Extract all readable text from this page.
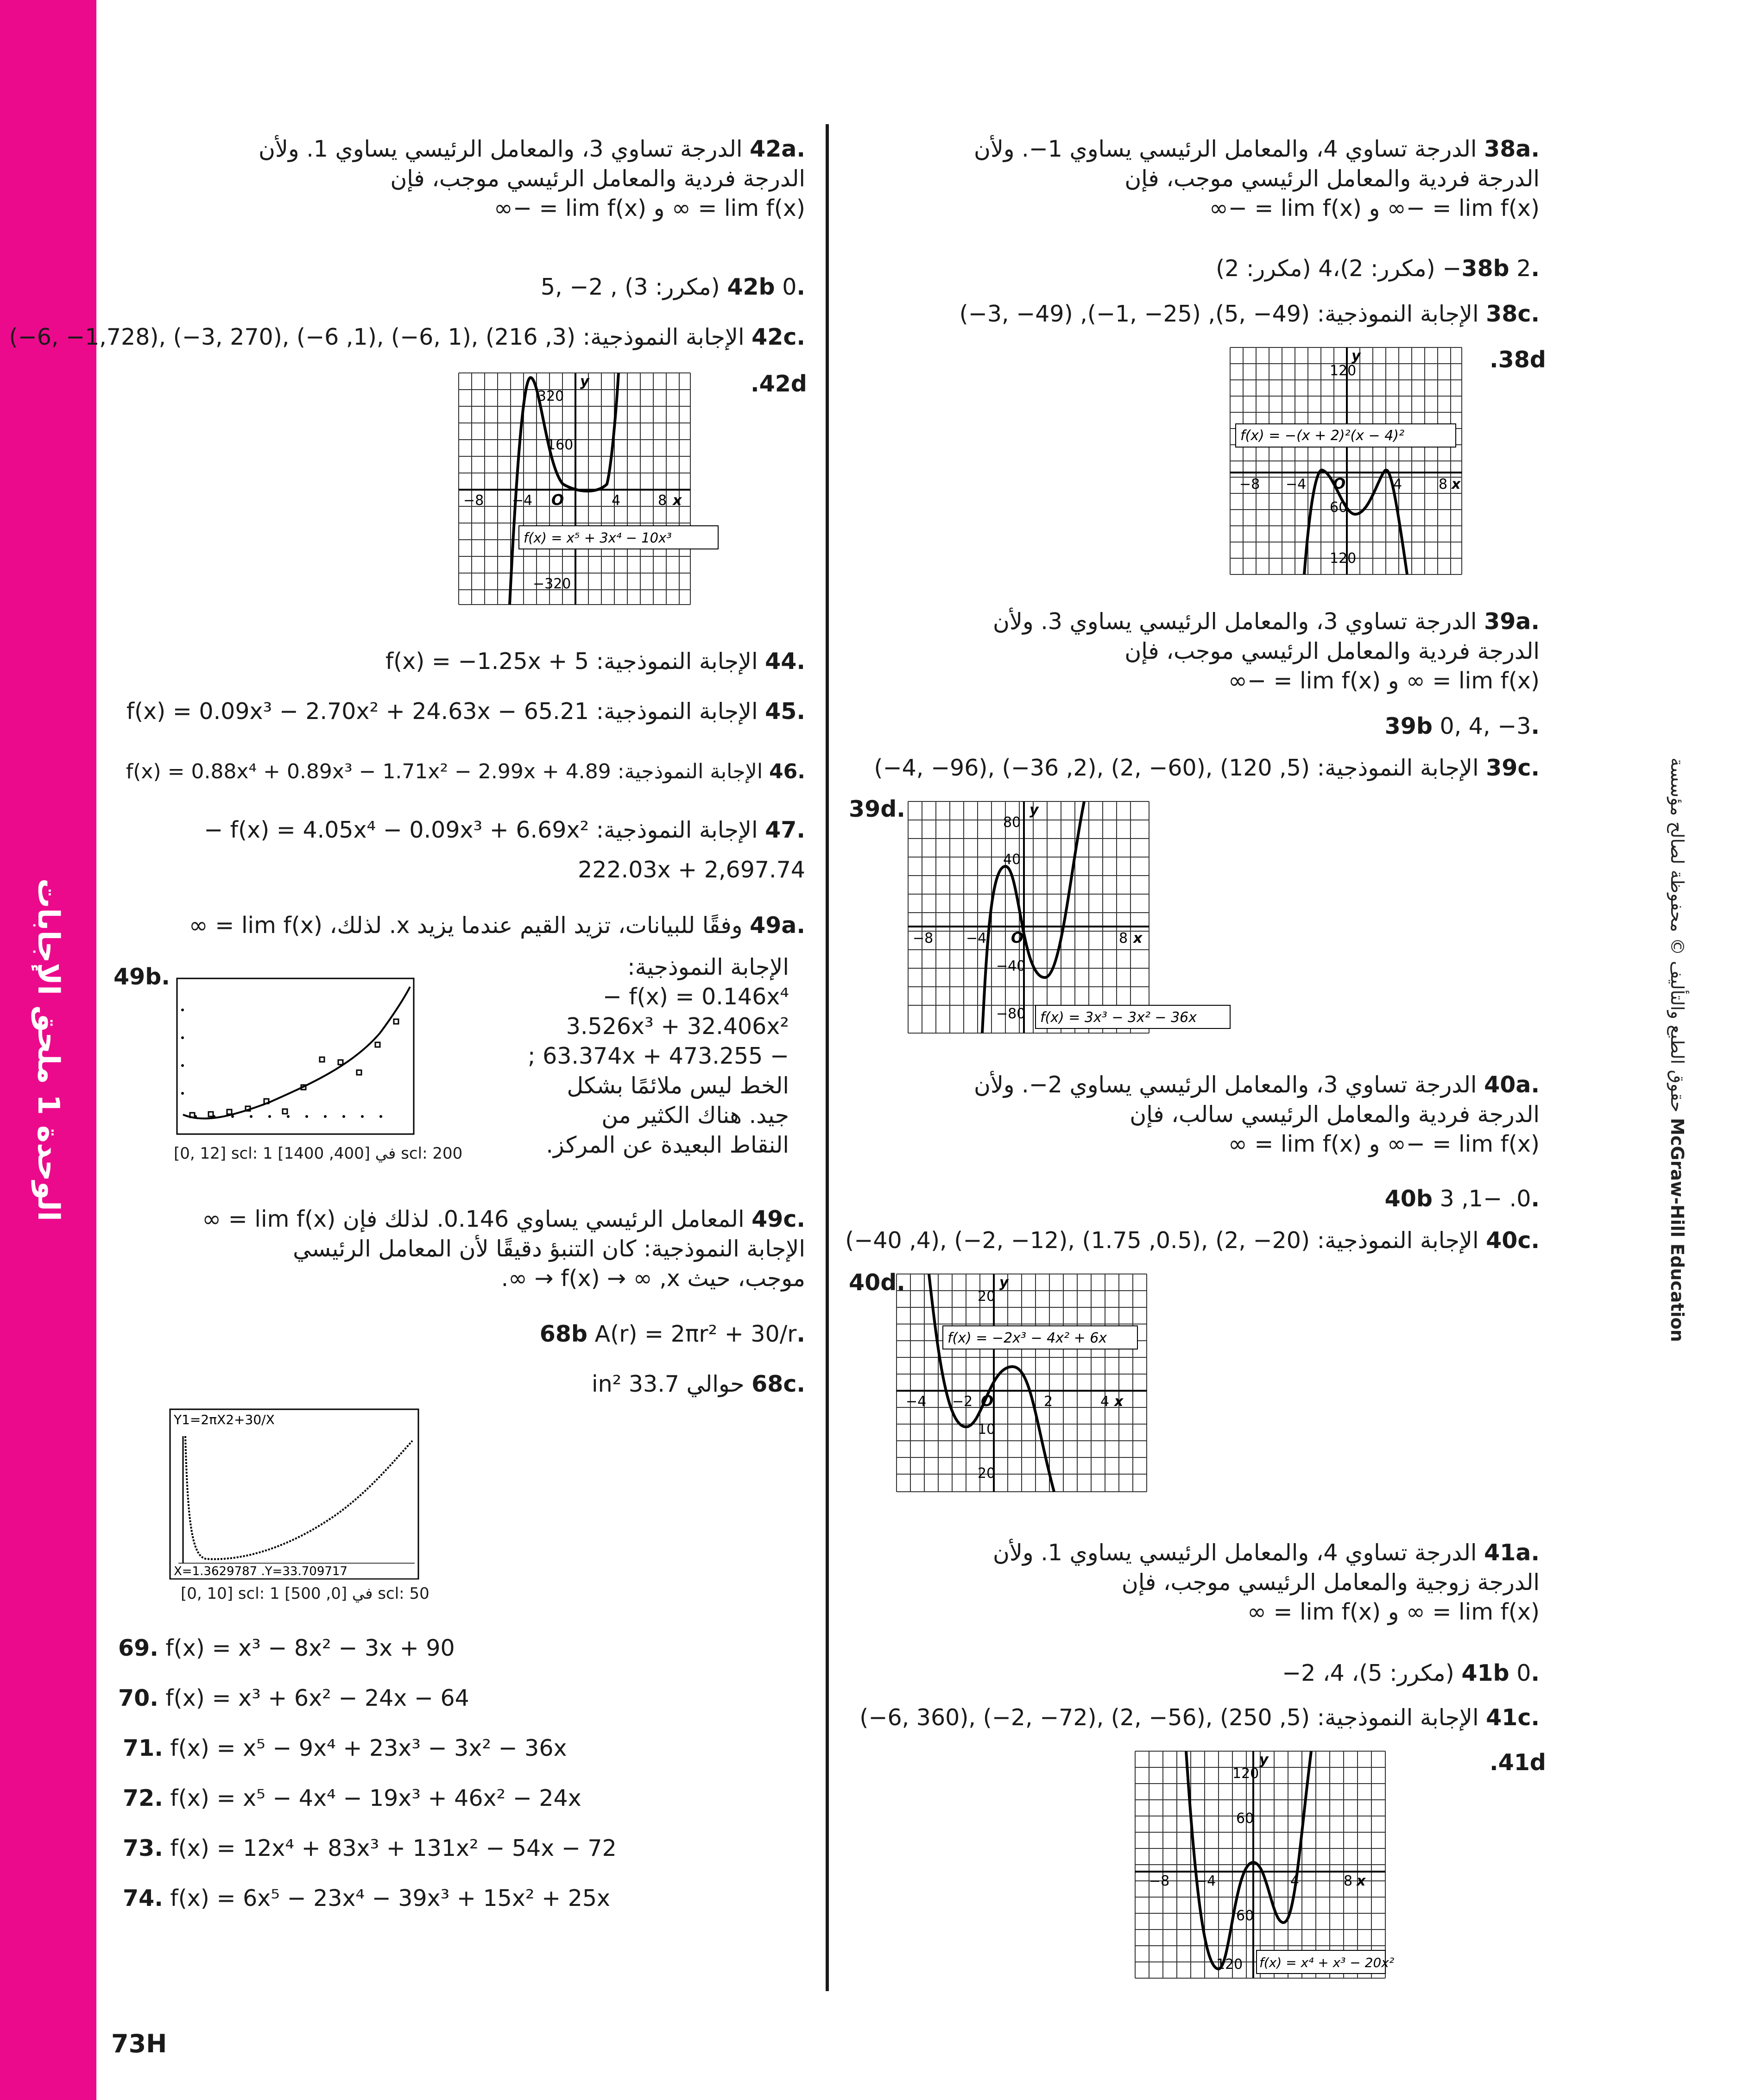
الوحدة 1 ملحق الإجابات
حقوق الطبع والتأليف © محفوظة لصالح مؤسسة McGraw-Hill Education
73H
.38a الدرجة تساوي 4، والمعامل الرئيسي يساوي 1−. ولأن
الدرجة فردية والمعامل الرئيسي موجب، فإن
lim f(x) = −∞ و lim f(x) = −∞
.38b 2− (مكرر: 2)،4 (مكرر: 2)
.38c الإجابة النموذجية: (49− ,5), (25− ,1−), (49− ,3−)
.38d
120
60
120
−8 −4	4	8 x
y
O
f(x) = −(x + 2)²(x − 4)²
.39a الدرجة تساوي 3، والمعامل الرئيسي يساوي 3. ولأن
الدرجة فردية والمعامل الرئيسي موجب، فإن
lim f(x) = ∞ و lim f(x) = −∞
.39b 0, 4, −3
.39c الإجابة النموذجية: (5, 120) ,(60− ,2) ,(2, 36−) ,(96− ,4−)
39d.
80
40
−40
−80
−8 −4	8 x
y
O
f(x) = 3x³ − 3x² − 36x
.40a الدرجة تساوي 3، والمعامل الرئيسي يساوي 2−. ولأن
الدرجة فردية والمعامل الرئيسي سالب، فإن
lim f(x) = −∞ و lim f(x) = ∞
.40b 3 ,1− .0
.40c الإجابة النموذجية: (20− ,2) ,(0.5, 1.75) ,(12− ,2−) ,(4, 40−)
40d.
20
10
20
−4 −2	2	4 x
y
O
f(x) = −2x³ − 4x² + 6x
.41a الدرجة تساوي 4، والمعامل الرئيسي يساوي 1. ولأن
الدرجة زوجية والمعامل الرئيسي موجب، فإن
lim f(x) = ∞ و lim f(x) = ∞
.41b 0 (مكرر: 5)، 4، 2−
.41c الإجابة النموذجية: (5, 250) ,(56− ,2) ,(72− ,2−) ,(360 ,6−)
.41d
120
60
60
120
−8 −4	4	8 x
y
f(x) = x⁴ + x³ − 20x²
.42a الدرجة تساوي 3، والمعامل الرئيسي يساوي 1. ولأن
الدرجة فردية والمعامل الرئيسي موجب، فإن
lim f(x) = ∞ و lim f(x) = −∞
.42b 0 (مكرر: 3) , 2− ,5
.42c الإجابة النموذجية: (3, 216) ,(1 ,6−) ,(1, 6−) ,(270 ,3−) ,(1,728− ,6−)
.42d
320
160
−320
−8 −4	4	8 x
y
O
f(x) = x⁵ + 3x⁴ − 10x³
.44 الإجابة النموذجية: f(x) = −1.25x + 5
.45 الإجابة النموذجية: f(x) = 0.09x³ − 2.70x² + 24.63x − 65.21
.46 الإجابة النموذجية: f(x) = 0.88x⁴ + 0.89x³ − 1.71x² − 2.99x + 4.89
.47 الإجابة النموذجية: f(x) = 4.05x⁴ − 0.09x³ + 6.69x² −
222.03x + 2,697.74
.49a وفقًا للبيانات، تزيد القيم عندما يزيد x. لذلك، lim f(x) = ∞
49b.	الإجابة النموذجية:
f(x) = 0.146x⁴ −
3.526x³ + 32.406x²
− 63.374x + 473.255 ;
الخط ليس ملائمًا بشكل
جيد. هناك الكثير من
النقاط البعيدة عن المركز.
[0, 12] scl: 1 في [400, 1400] scl: 200
.49c المعامل الرئيسي يساوي 0.146. لذلك فإن lim f(x) = ∞
الإجابة النموذجية: كان التنبؤ دقيقًا لأن المعامل الرئيسي
موجب، حيث f(x) → ∞ ,x → ∞.
.68b A(r) = 2πr² + 30/r
.68c حوالي 33.7 in²
Y1=2πX2+30/X
X=1.3629787 .Y=33.709717
[0, 10] scl: 1 في [0, 500] scl: 50
69. f(x) = x³ − 8x² − 3x + 90
70. f(x) = x³ + 6x² − 24x − 64
71. f(x) = x⁵ − 9x⁴ + 23x³ − 3x² − 36x
72. f(x) = x⁵ − 4x⁴ − 19x³ + 46x² − 24x
73. f(x) = 12x⁴ + 83x³ + 131x² − 54x − 72
74. f(x) = 6x⁵ − 23x⁴ − 39x³ + 15x² + 25x
